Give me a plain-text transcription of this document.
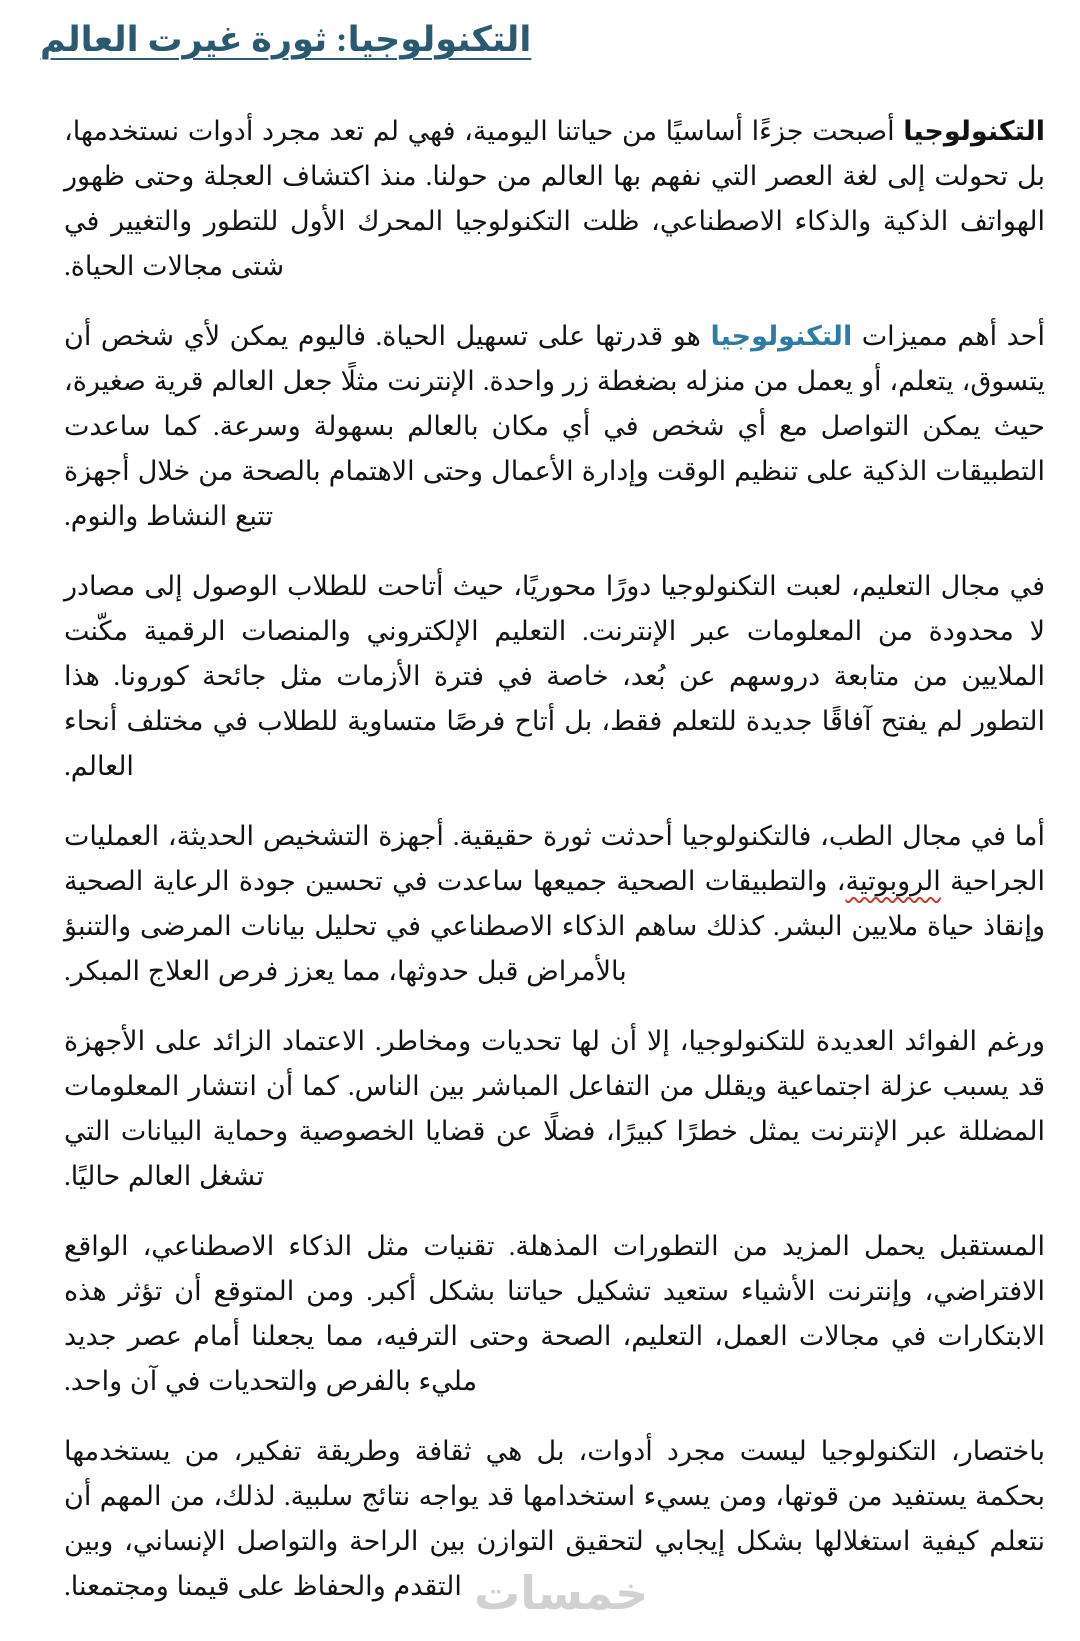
خمسات
التكنولوجيا: ثورة غيرت العالم

التكنولوجيا أصبحت جزءًا أساسيًا من حياتنا اليومية، فهي لم تعد مجرد أدوات نستخدمها، بل تحولت إلى لغة العصر التي نفهم بها العالم من حولنا. منذ اكتشاف العجلة وحتى ظهور الهواتف الذكية والذكاء الاصطناعي، ظلت التكنولوجيا المحرك الأول للتطور والتغيير في شتى مجالات الحياة.

أحد أهم مميزات التكنولوجيا هو قدرتها على تسهيل الحياة. فاليوم يمكن لأي شخص أن يتسوق، يتعلم، أو يعمل من منزله بضغطة زر واحدة. الإنترنت مثلًا جعل العالم قرية صغيرة، حيث يمكن التواصل مع أي شخص في أي مكان بالعالم بسهولة وسرعة. كما ساعدت التطبيقات الذكية على تنظيم الوقت وإدارة الأعمال وحتى الاهتمام بالصحة من خلال أجهزة تتبع النشاط والنوم.

في مجال التعليم، لعبت التكنولوجيا دورًا محوريًا، حيث أتاحت للطلاب الوصول إلى مصادر لا محدودة من المعلومات عبر الإنترنت. التعليم الإلكتروني والمنصات الرقمية مكّنت الملايين من متابعة دروسهم عن بُعد، خاصة في فترة الأزمات مثل جائحة كورونا. هذا التطور لم يفتح آفاقًا جديدة للتعلم فقط، بل أتاح فرصًا متساوية للطلاب في مختلف أنحاء العالم.

أما في مجال الطب، فالتكنولوجيا أحدثت ثورة حقيقية. أجهزة التشخيص الحديثة، العمليات الجراحية الروبوتية، والتطبيقات الصحية جميعها ساعدت في تحسين جودة الرعاية الصحية وإنقاذ حياة ملايين البشر. كذلك ساهم الذكاء الاصطناعي في تحليل بيانات المرضى والتنبؤ بالأمراض قبل حدوثها، مما يعزز فرص العلاج المبكر.

ورغم الفوائد العديدة للتكنولوجيا، إلا أن لها تحديات ومخاطر. الاعتماد الزائد على الأجهزة قد يسبب عزلة اجتماعية ويقلل من التفاعل المباشر بين الناس. كما أن انتشار المعلومات المضللة عبر الإنترنت يمثل خطرًا كبيرًا، فضلًا عن قضايا الخصوصية وحماية البيانات التي تشغل العالم حاليًا.

المستقبل يحمل المزيد من التطورات المذهلة. تقنيات مثل الذكاء الاصطناعي، الواقع الافتراضي، وإنترنت الأشياء ستعيد تشكيل حياتنا بشكل أكبر. ومن المتوقع أن تؤثر هذه الابتكارات في مجالات العمل، التعليم، الصحة وحتى الترفيه، مما يجعلنا أمام عصر جديد مليء بالفرص والتحديات في آن واحد.

باختصار، التكنولوجيا ليست مجرد أدوات، بل هي ثقافة وطريقة تفكير، من يستخدمها بحكمة يستفيد من قوتها، ومن يسيء استخدامها قد يواجه نتائج سلبية. لذلك، من المهم أن نتعلم كيفية استغلالها بشكل إيجابي لتحقيق التوازن بين الراحة والتواصل الإنساني، وبين التقدم والحفاظ على قيمنا ومجتمعنا.
